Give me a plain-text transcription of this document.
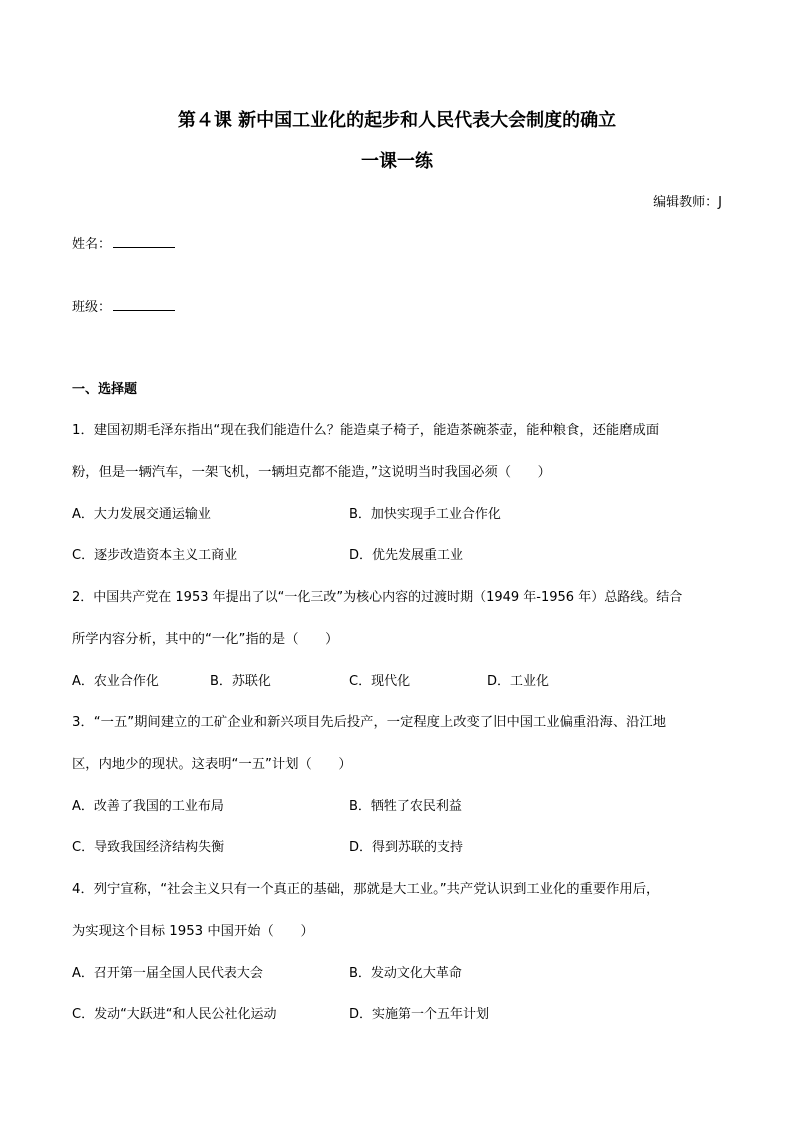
第４课 新中国工业化的起步和人民代表大会制度的确立
一课一练
编辑教师：J
姓名：
班级：
一、选择题
1．建国初期毛泽东指出“现在我们能造什么？能造桌子椅子，能造茶碗茶壶，能种粮食，还能磨成面
粉，但是一辆汽车，一架飞机，一辆坦克都不能造，”这说明当时我国必须（　　）
A．大力发展交通运输业	B．加快实现手工业合作化
C．逐步改造资本主义工商业	D．优先发展重工业
2．中国共产党在 1953 年提出了以“一化三改”为核心内容的过渡时期（1949 年-1956 年）总路线。结合
所学内容分析，其中的“一化”指的是（　　）
A．农业合作化	B．苏联化	C．现代化	D．工业化
3．“一五”期间建立的工矿企业和新兴项目先后投产，一定程度上改变了旧中国工业偏重沿海、沿江地
区，内地少的现状。这表明“一五”计划（　　）
A．改善了我国的工业布局	B．牺牲了农民利益
C．导致我国经济结构失衡	D．得到苏联的支持
4．列宁宣称，“社会主义只有一个真正的基础，那就是大工业。”共产党认识到工业化的重要作用后，
为实现这个目标 1953 中国开始（　　）
A．召开第一届全国人民代表大会	B．发动文化大革命
C．发动“大跃进“和人民公社化运动	D．实施第一个五年计划
